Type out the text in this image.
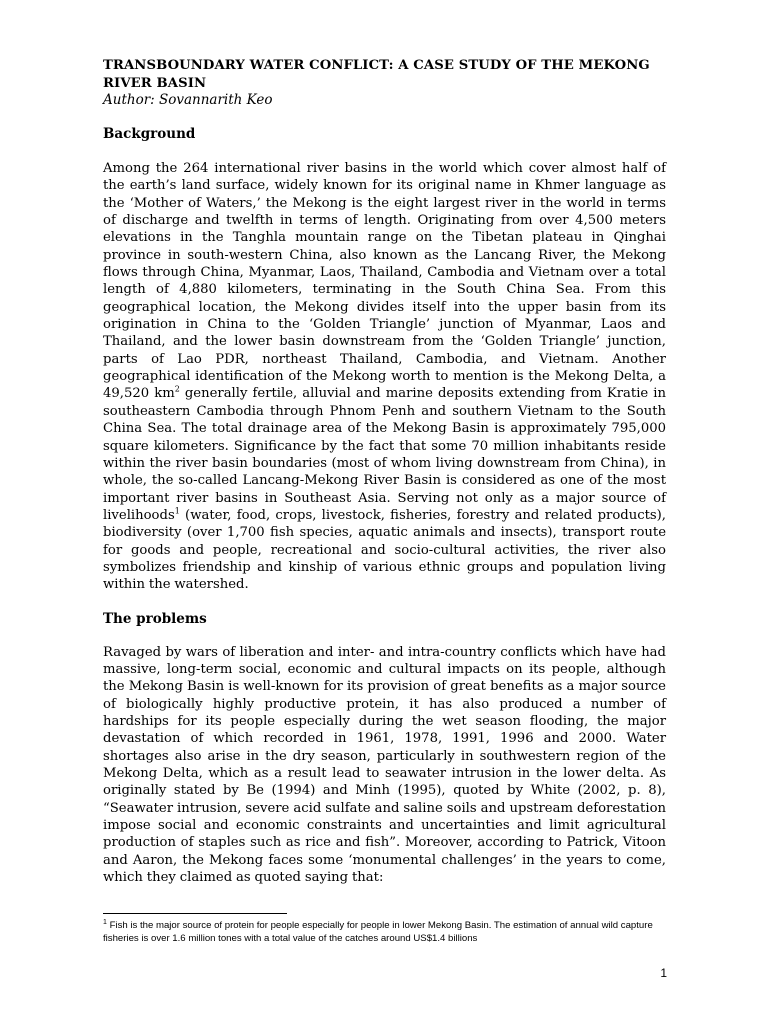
TRANSBOUNDARY WATER CONFLICT: A CASE STUDY OF THE MEKONG RIVER BASIN

Author: Sovannarith Keo

Background

Among the 264 international river basins in the world which cover almost half of the earth’s land surface, widely known for its original name in Khmer language as the ‘Mother of Waters,’ the Mekong is the eight largest river in the world in terms of discharge and twelfth in terms of length. Originating from over 4,500 meters elevations in the Tanghla mountain range on the Tibetan plateau in Qinghai province in south-western China, also known as the Lancang River, the Mekong flows through China, Myanmar, Laos, Thailand, Cambodia and Vietnam over a total length of 4,880 kilometers, terminating in the South China Sea. From this geographical location, the Mekong divides itself into the upper basin from its origination in China to the ‘Golden Triangle’ junction of Myanmar, Laos and Thailand, and the lower basin downstream from the ‘Golden Triangle’ junction, parts of Lao PDR, northeast Thailand, Cambodia, and Vietnam. Another geographical identification of the Mekong worth to mention is the Mekong Delta, a 49,520 $km^2$ generally fertile, alluvial and marine deposits extending from Kratie in southeastern Cambodia through Phnom Penh and southern Vietnam to the South China Sea. The total drainage area of the Mekong Basin is approximately 795,000 square kilometers. Significance by the fact that some 70 million inhabitants reside within the river basin boundaries (most of whom living downstream from China), in whole, the so-called Lancang-Mekong River Basin is considered as one of the most important river basins in Southeast Asia. Serving not only as a major source of livelihoods$^1$ (water, food, crops, livestock, fisheries, forestry and related products), biodiversity (over 1,700 fish species, aquatic animals and insects), transport route for goods and people, recreational and socio-cultural activities, the river also symbolizes friendship and kinship of various ethnic groups and population living within the watershed.

The problems

Ravaged by wars of liberation and inter- and intra-country conflicts which have had massive, long-term social, economic and cultural impacts on its people, although the Mekong Basin is well-known for its provision of great benefits as a major source of biologically highly productive protein, it has also produced a number of hardships for its people especially during the wet season flooding, the major devastation of which recorded in 1961, 1978, 1991, 1996 and 2000. Water shortages also arise in the dry season, particularly in southwestern region of the Mekong Delta, which as a result lead to seawater intrusion in the lower delta. As originally stated by Be (1994) and Minh (1995), quoted by White (2002, p. 8), “Seawater intrusion, severe acid sulfate and saline soils and upstream deforestation impose social and economic constraints and uncertainties and limit agricultural production of staples such as rice and fish”. Moreover, according to Patrick, Vitoon and Aaron, the Mekong faces some ‘monumental challenges’ in the years to come, which they claimed as quoted saying that:

$^1$ Fish is the major source of protein for people especially for people in lower Mekong Basin. The estimation of annual wild capture fisheries is over 1.6 million tones with a total value of the catches around US$1.4 billions

1
